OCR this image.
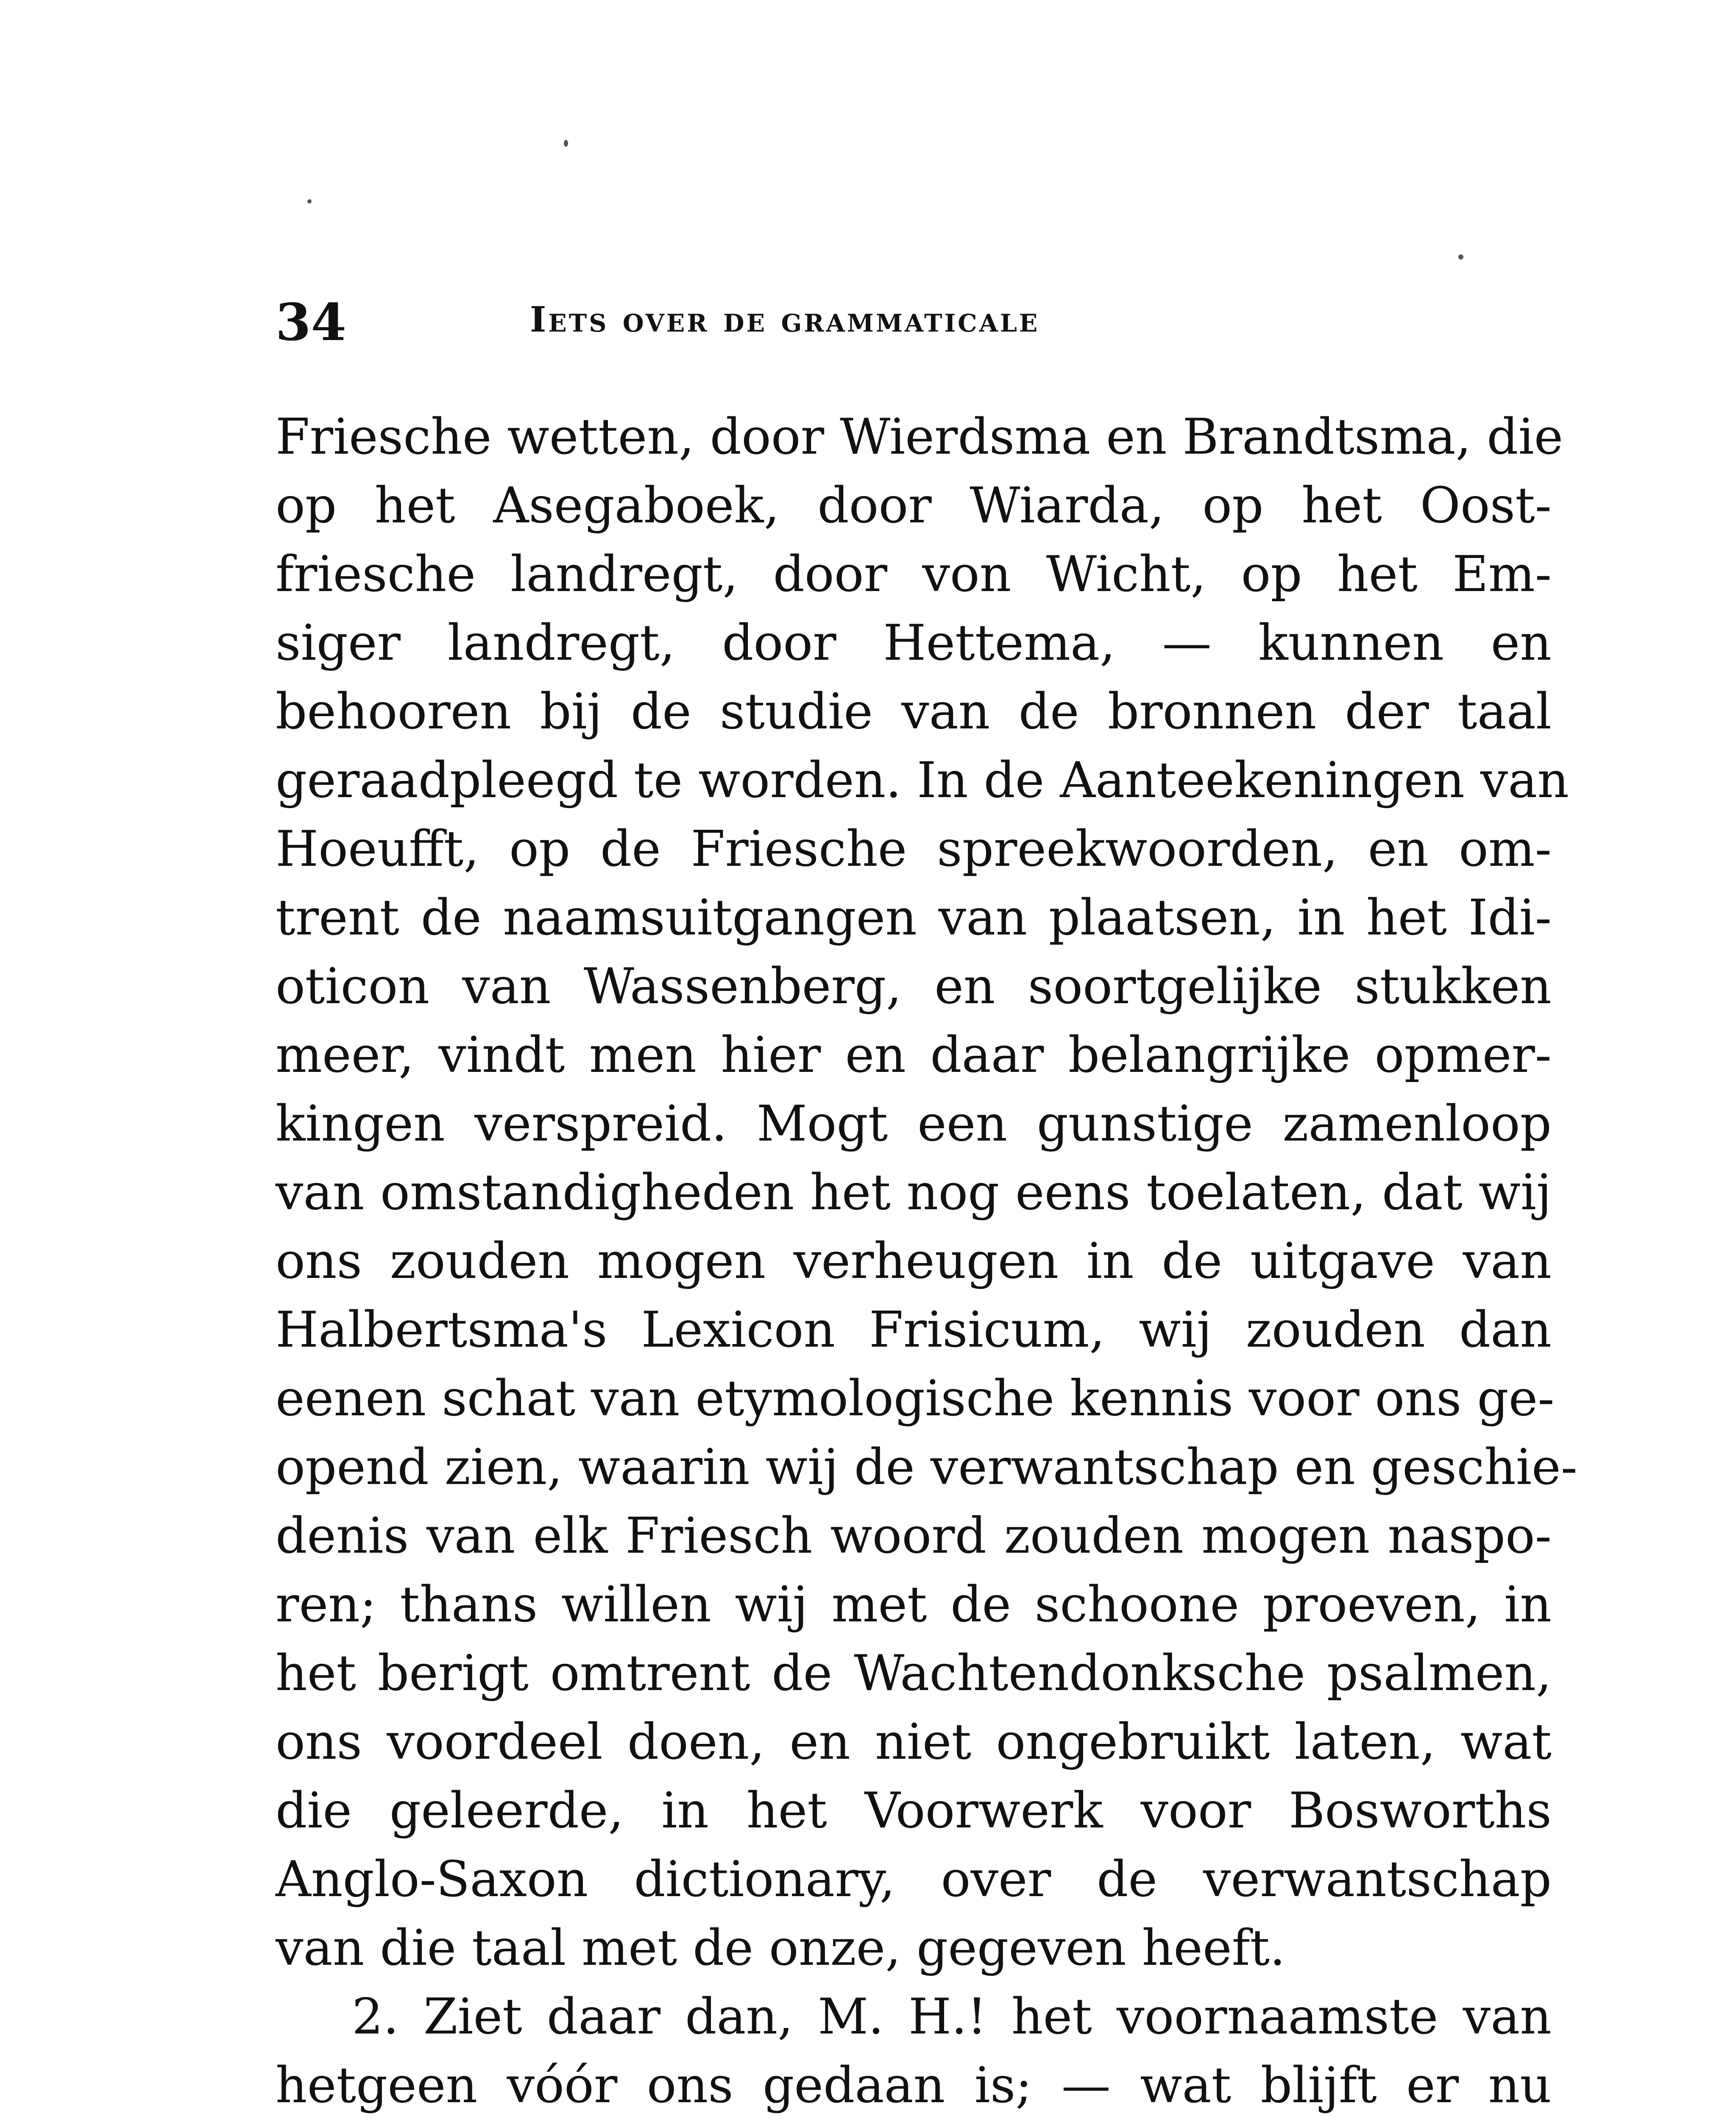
34	Iets over de grammaticale
Friesche wetten, door Wierdsma en Brandtsma, die
op het Asegaboek, door Wiarda, op het Oost-
friesche landregt, door von Wicht, op het Em-
siger landregt, door Hettema, — kunnen en
behooren bij de studie van de bronnen der taal
geraadpleegd te worden. In de Aanteekeningen van
Hoeufft, op de Friesche spreekwoorden, en om-
trent de naamsuitgangen van plaatsen, in het Idi-
oticon van Wassenberg, en soortgelijke stukken
meer, vindt men hier en daar belangrijke opmer-
kingen verspreid. Mogt een gunstige zamenloop
van omstandigheden het nog eens toelaten, dat wij
ons zouden mogen verheugen in de uitgave van
Halbertsma's Lexicon Frisicum, wij zouden dan
eenen schat van etymologische kennis voor ons ge-
opend zien, waarin wij de verwantschap en geschie-
denis van elk Friesch woord zouden mogen naspo-
ren; thans willen wij met de schoone proeven, in
het berigt omtrent de Wachtendonksche psalmen,
ons voordeel doen, en niet ongebruikt laten, wat
die geleerde, in het Voorwerk voor Bosworths
Anglo-Saxon dictionary, over de verwantschap
van die taal met de onze, gegeven heeft.
2. Ziet daar dan, M. H.! het voornaamste van
hetgeen vóór ons gedaan is; — wat blijft er nu
